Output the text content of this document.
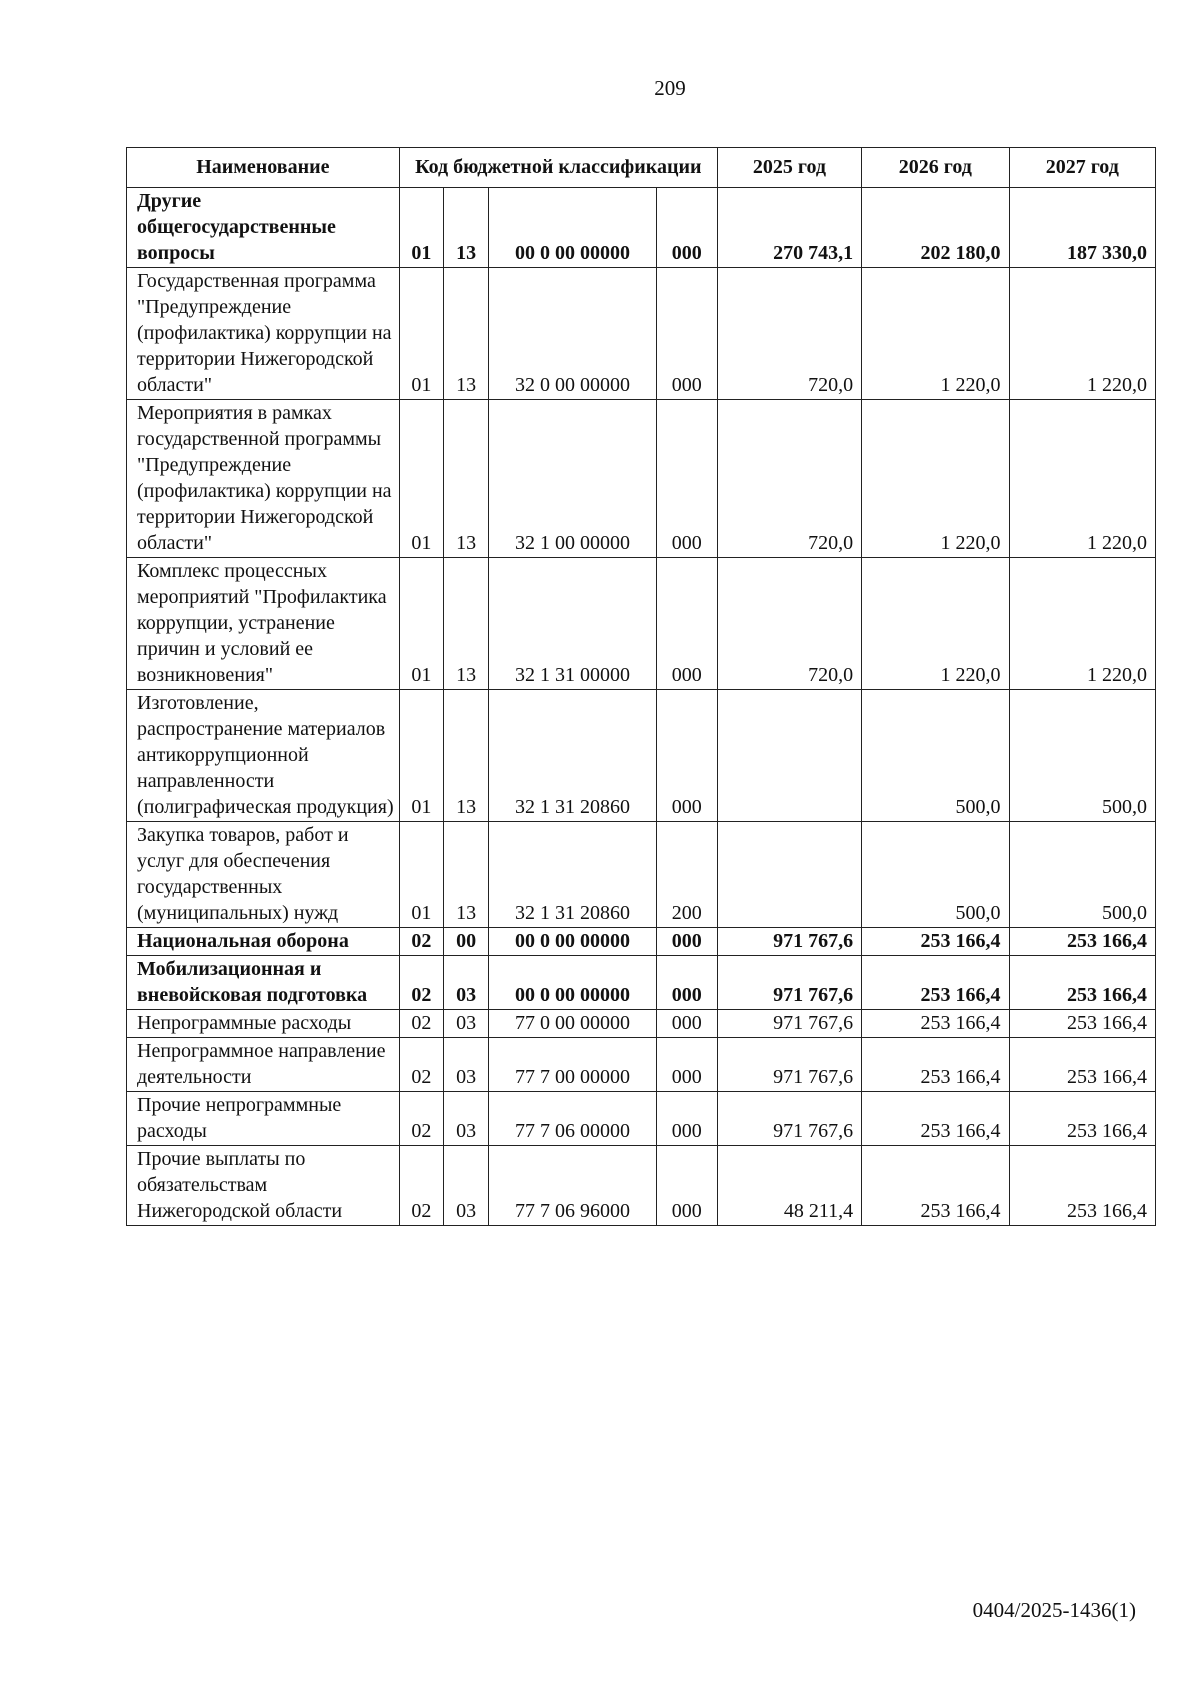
209
Наименование	Код бюджетной классификации				2025 год	2026 год	2027 год
Другие общегосударственные вопросы	01	13	00 0 00 00000	000	270 743,1	202 180,0	187 330,0
Государственная программа "Предупреждение (профилактика) коррупции на территории Нижегородской области"	01	13	32 0 00 00000	000	720,0	1 220,0	1 220,0
Мероприятия в рамках государственной программы "Предупреждение (профилактика) коррупции на территории Нижегородской области"	01	13	32 1 00 00000	000	720,0	1 220,0	1 220,0
Комплекс процессных мероприятий "Профилактика коррупции, устранение причин и условий ее возникновения"	01	13	32 1 31 00000	000	720,0	1 220,0	1 220,0
Изготовление, распространение материалов антикоррупционной направленности (полиграфическая продукция)	01	13	32 1 31 20860	000		500,0	500,0
Закупка товаров, работ и услуг для обеспечения государственных (муниципальных) нужд	01	13	32 1 31 20860	200		500,0	500,0
Национальная оборона	02	00	00 0 00 00000	000	971 767,6	253 166,4	253 166,4
Мобилизационная и вневойсковая подготовка	02	03	00 0 00 00000	000	971 767,6	253 166,4	253 166,4
Непрограммные расходы	02	03	77 0 00 00000	000	971 767,6	253 166,4	253 166,4
Непрограммное направление деятельности	02	03	77 7 00 00000	000	971 767,6	253 166,4	253 166,4
Прочие непрограммные расходы	02	03	77 7 06 00000	000	971 767,6	253 166,4	253 166,4
Прочие выплаты по обязательствам Нижегородской области	02	03	77 7 06 96000	000	48 211,4	253 166,4	253 166,4
0404/2025-1436(1)
